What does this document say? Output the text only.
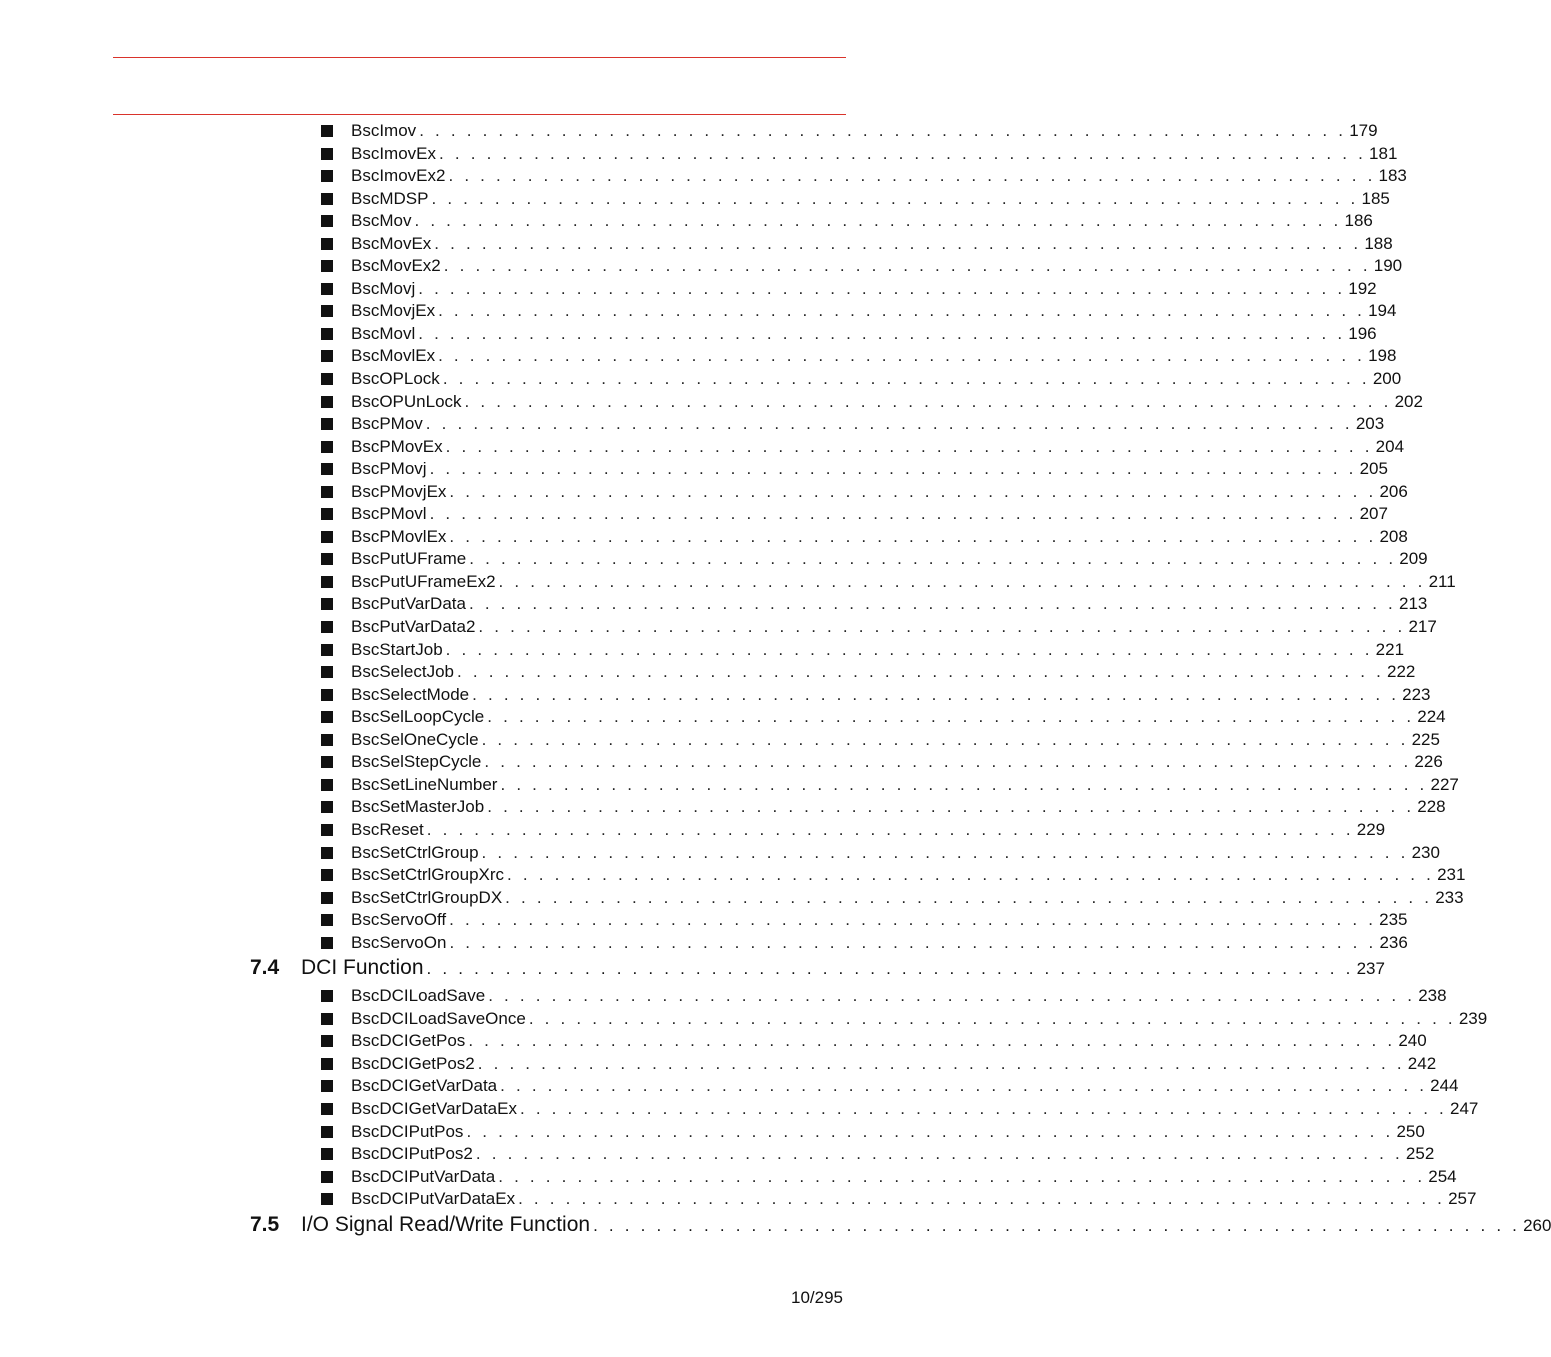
BscImov . . . . . . . . . . . . . . . . . . . . . . . . . . . . . . . . . . . . . . . . . . . . . . . . . . . . . . . . . . . 179
BscImovEx . . . . . . . . . . . . . . . . . . . . . . . . . . . . . . . . . . . . . . . . . . . . . . . . . . . . . . . . . . . 181
BscImovEx2 . . . . . . . . . . . . . . . . . . . . . . . . . . . . . . . . . . . . . . . . . . . . . . . . . . . . . . . . . . . 183
BscMDSP . . . . . . . . . . . . . . . . . . . . . . . . . . . . . . . . . . . . . . . . . . . . . . . . . . . . . . . . . . . 185
BscMov . . . . . . . . . . . . . . . . . . . . . . . . . . . . . . . . . . . . . . . . . . . . . . . . . . . . . . . . . . . 186
BscMovEx . . . . . . . . . . . . . . . . . . . . . . . . . . . . . . . . . . . . . . . . . . . . . . . . . . . . . . . . . . . 188
BscMovEx2 . . . . . . . . . . . . . . . . . . . . . . . . . . . . . . . . . . . . . . . . . . . . . . . . . . . . . . . . . . . 190
BscMovj . . . . . . . . . . . . . . . . . . . . . . . . . . . . . . . . . . . . . . . . . . . . . . . . . . . . . . . . . . . 192
BscMovjEx . . . . . . . . . . . . . . . . . . . . . . . . . . . . . . . . . . . . . . . . . . . . . . . . . . . . . . . . . . . 194
BscMovl . . . . . . . . . . . . . . . . . . . . . . . . . . . . . . . . . . . . . . . . . . . . . . . . . . . . . . . . . . . 196
BscMovlEx . . . . . . . . . . . . . . . . . . . . . . . . . . . . . . . . . . . . . . . . . . . . . . . . . . . . . . . . . . . 198
BscOPLock . . . . . . . . . . . . . . . . . . . . . . . . . . . . . . . . . . . . . . . . . . . . . . . . . . . . . . . . . . . 200
BscOPUnLock . . . . . . . . . . . . . . . . . . . . . . . . . . . . . . . . . . . . . . . . . . . . . . . . . . . . . . . . . . . 202
BscPMov . . . . . . . . . . . . . . . . . . . . . . . . . . . . . . . . . . . . . . . . . . . . . . . . . . . . . . . . . . . 203
BscPMovEx . . . . . . . . . . . . . . . . . . . . . . . . . . . . . . . . . . . . . . . . . . . . . . . . . . . . . . . . . . . 204
BscPMovj . . . . . . . . . . . . . . . . . . . . . . . . . . . . . . . . . . . . . . . . . . . . . . . . . . . . . . . . . . . 205
BscPMovjEx . . . . . . . . . . . . . . . . . . . . . . . . . . . . . . . . . . . . . . . . . . . . . . . . . . . . . . . . . . . 206
BscPMovl . . . . . . . . . . . . . . . . . . . . . . . . . . . . . . . . . . . . . . . . . . . . . . . . . . . . . . . . . . . 207
BscPMovlEx . . . . . . . . . . . . . . . . . . . . . . . . . . . . . . . . . . . . . . . . . . . . . . . . . . . . . . . . . . . 208
BscPutUFrame . . . . . . . . . . . . . . . . . . . . . . . . . . . . . . . . . . . . . . . . . . . . . . . . . . . . . . . . . . . 209
BscPutUFrameEx2 . . . . . . . . . . . . . . . . . . . . . . . . . . . . . . . . . . . . . . . . . . . . . . . . . . . . . . . . . . . 211
BscPutVarData . . . . . . . . . . . . . . . . . . . . . . . . . . . . . . . . . . . . . . . . . . . . . . . . . . . . . . . . . . . 213
BscPutVarData2 . . . . . . . . . . . . . . . . . . . . . . . . . . . . . . . . . . . . . . . . . . . . . . . . . . . . . . . . . . . 217
BscStartJob . . . . . . . . . . . . . . . . . . . . . . . . . . . . . . . . . . . . . . . . . . . . . . . . . . . . . . . . . . . 221
BscSelectJob . . . . . . . . . . . . . . . . . . . . . . . . . . . . . . . . . . . . . . . . . . . . . . . . . . . . . . . . . . . 222
BscSelectMode . . . . . . . . . . . . . . . . . . . . . . . . . . . . . . . . . . . . . . . . . . . . . . . . . . . . . . . . . . . 223
BscSelLoopCycle . . . . . . . . . . . . . . . . . . . . . . . . . . . . . . . . . . . . . . . . . . . . . . . . . . . . . . . . . . . 224
BscSelOneCycle . . . . . . . . . . . . . . . . . . . . . . . . . . . . . . . . . . . . . . . . . . . . . . . . . . . . . . . . . . . 225
BscSelStepCycle . . . . . . . . . . . . . . . . . . . . . . . . . . . . . . . . . . . . . . . . . . . . . . . . . . . . . . . . . . . 226
BscSetLineNumber . . . . . . . . . . . . . . . . . . . . . . . . . . . . . . . . . . . . . . . . . . . . . . . . . . . . . . . . . . . 227
BscSetMasterJob . . . . . . . . . . . . . . . . . . . . . . . . . . . . . . . . . . . . . . . . . . . . . . . . . . . . . . . . . . . 228
BscReset . . . . . . . . . . . . . . . . . . . . . . . . . . . . . . . . . . . . . . . . . . . . . . . . . . . . . . . . . . . 229
BscSetCtrlGroup . . . . . . . . . . . . . . . . . . . . . . . . . . . . . . . . . . . . . . . . . . . . . . . . . . . . . . . . . . . 230
BscSetCtrlGroupXrc . . . . . . . . . . . . . . . . . . . . . . . . . . . . . . . . . . . . . . . . . . . . . . . . . . . . . . . . . . . 231
BscSetCtrlGroupDX . . . . . . . . . . . . . . . . . . . . . . . . . . . . . . . . . . . . . . . . . . . . . . . . . . . . . . . . . . . 233
BscServoOff . . . . . . . . . . . . . . . . . . . . . . . . . . . . . . . . . . . . . . . . . . . . . . . . . . . . . . . . . . . 235
BscServoOn . . . . . . . . . . . . . . . . . . . . . . . . . . . . . . . . . . . . . . . . . . . . . . . . . . . . . . . . . . . 236
7.4	DCI Function . . . . . . . . . . . . . . . . . . . . . . . . . . . . . . . . . . . . . . . . . . . . . . . . . . . . . . . . . . . 237
BscDCILoadSave . . . . . . . . . . . . . . . . . . . . . . . . . . . . . . . . . . . . . . . . . . . . . . . . . . . . . . . . . . . 238
BscDCILoadSaveOnce . . . . . . . . . . . . . . . . . . . . . . . . . . . . . . . . . . . . . . . . . . . . . . . . . . . . . . . . . . . 239
BscDCIGetPos . . . . . . . . . . . . . . . . . . . . . . . . . . . . . . . . . . . . . . . . . . . . . . . . . . . . . . . . . . . 240
BscDCIGetPos2 . . . . . . . . . . . . . . . . . . . . . . . . . . . . . . . . . . . . . . . . . . . . . . . . . . . . . . . . . . . 242
BscDCIGetVarData . . . . . . . . . . . . . . . . . . . . . . . . . . . . . . . . . . . . . . . . . . . . . . . . . . . . . . . . . . . 244
BscDCIGetVarDataEx . . . . . . . . . . . . . . . . . . . . . . . . . . . . . . . . . . . . . . . . . . . . . . . . . . . . . . . . . . . 247
BscDCIPutPos . . . . . . . . . . . . . . . . . . . . . . . . . . . . . . . . . . . . . . . . . . . . . . . . . . . . . . . . . . . 250
BscDCIPutPos2 . . . . . . . . . . . . . . . . . . . . . . . . . . . . . . . . . . . . . . . . . . . . . . . . . . . . . . . . . . . 252
BscDCIPutVarData . . . . . . . . . . . . . . . . . . . . . . . . . . . . . . . . . . . . . . . . . . . . . . . . . . . . . . . . . . . 254
BscDCIPutVarDataEx . . . . . . . . . . . . . . . . . . . . . . . . . . . . . . . . . . . . . . . . . . . . . . . . . . . . . . . . . . . 257
7.5	I/O Signal Read/Write Function . . . . . . . . . . . . . . . . . . . . . . . . . . . . . . . . . . . . . . . . . . . . . . . . . . . . . . . . . . . 260
10/295
